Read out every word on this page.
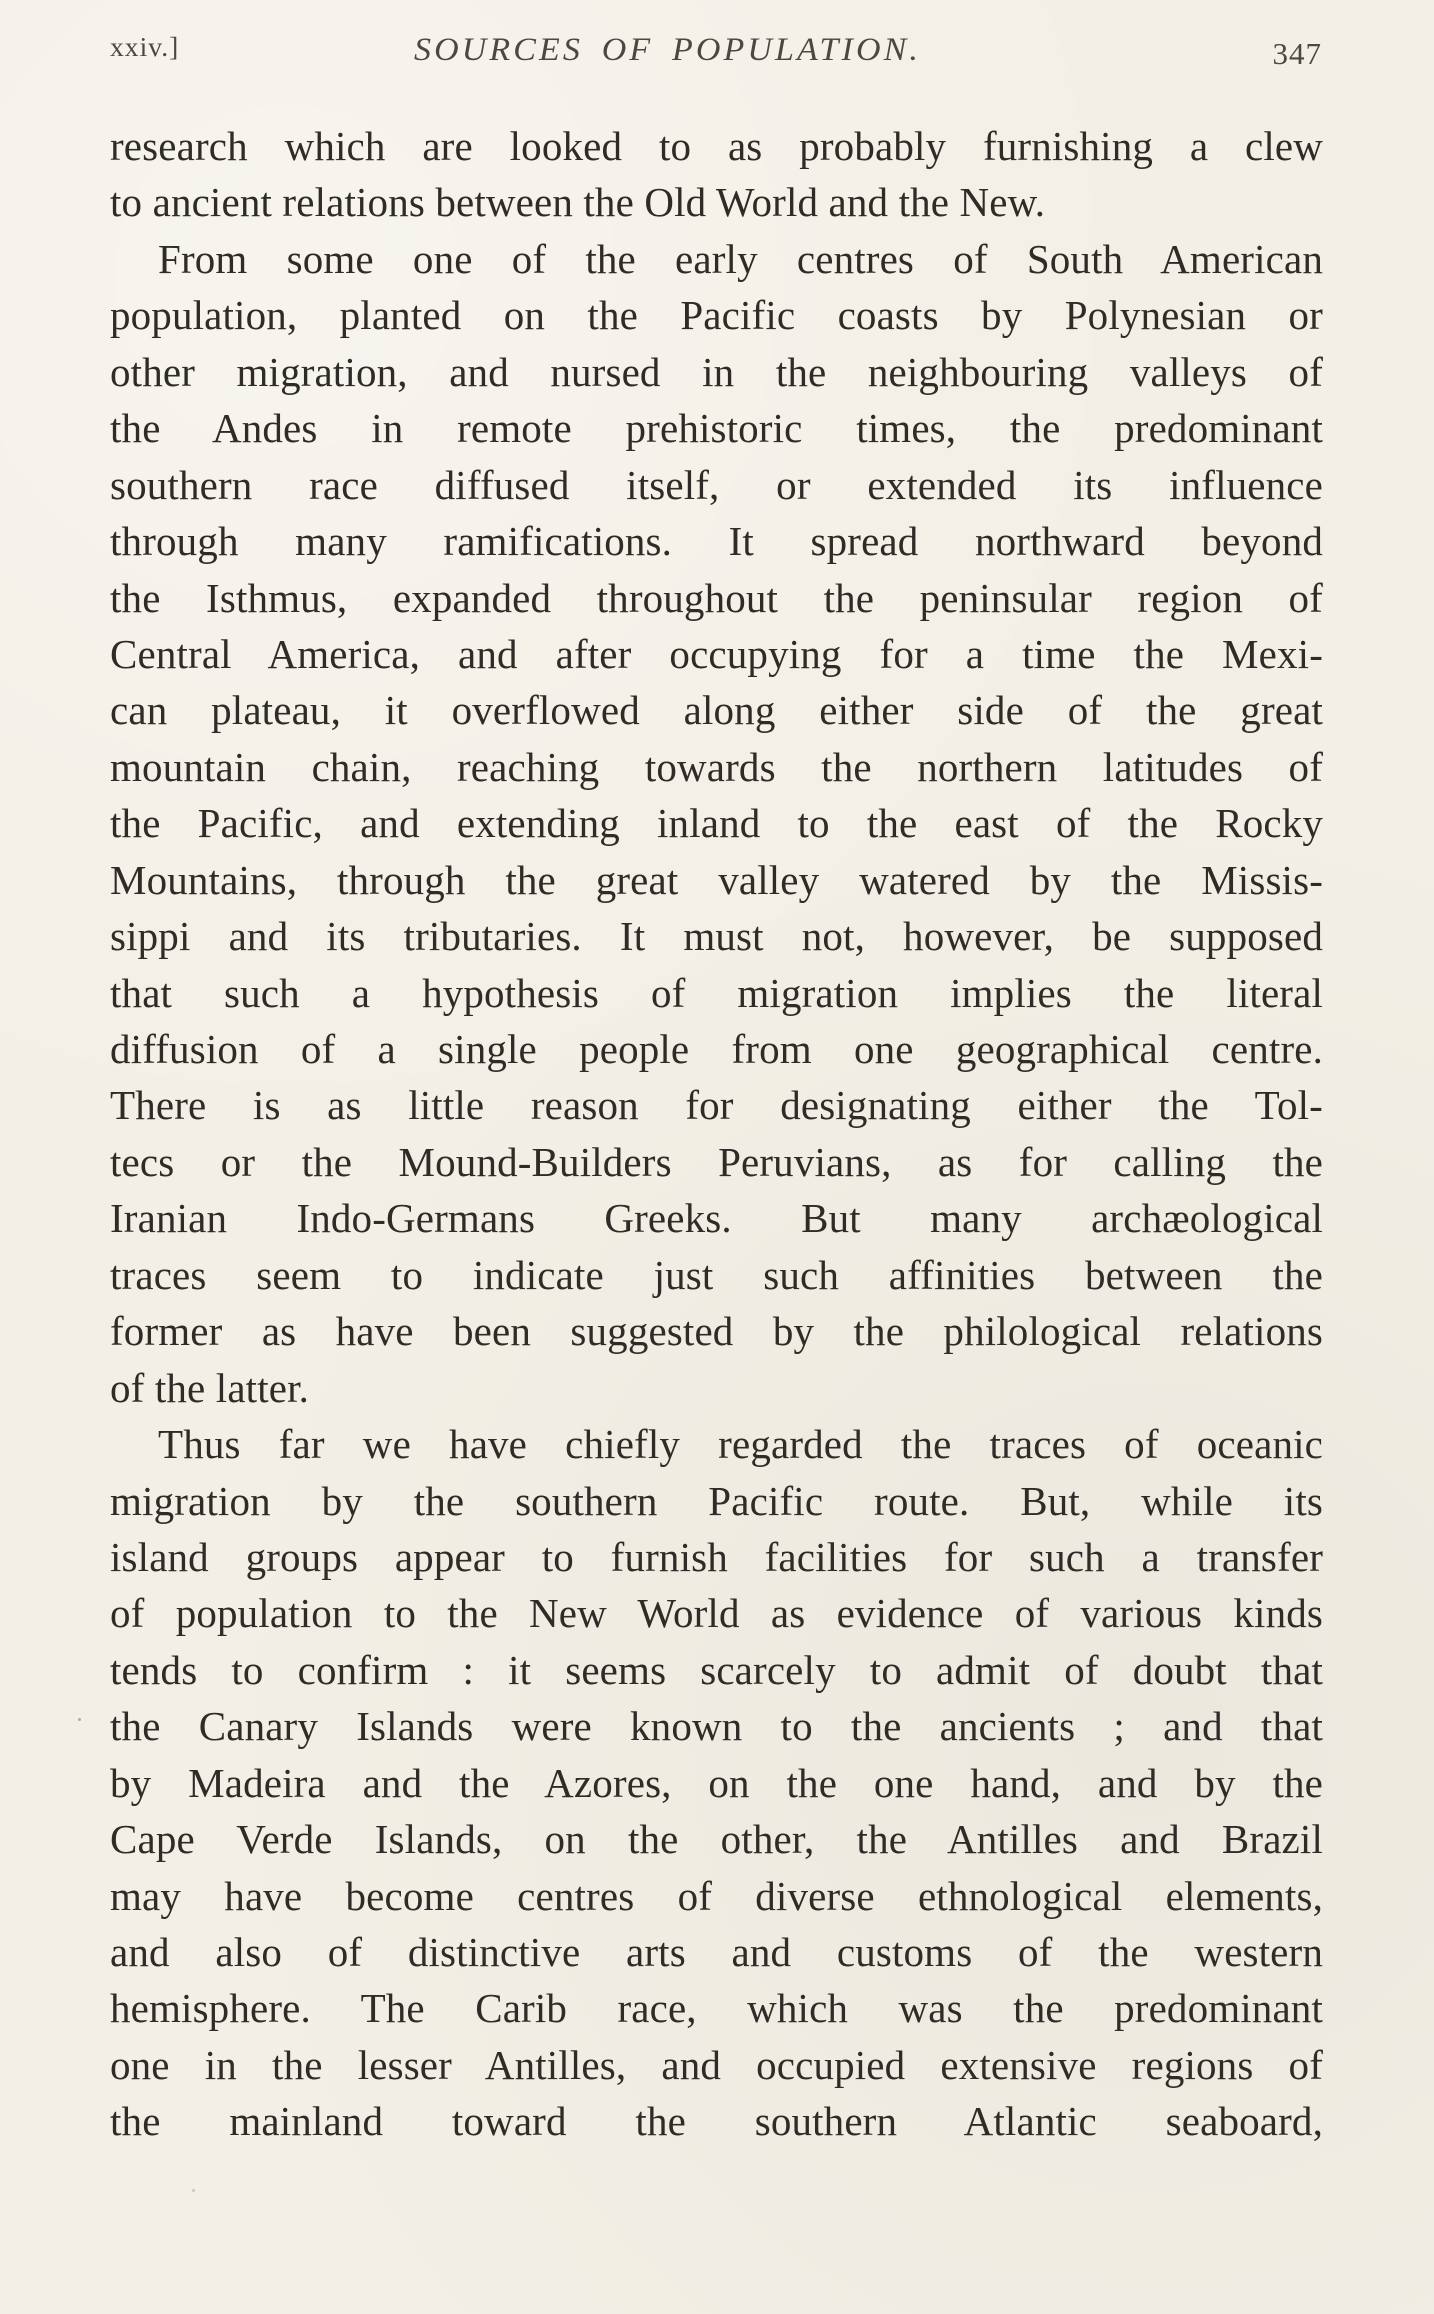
xxiv.]	SOURCES OF POPULATION.	347
research which are looked to as probably furnishing a clew
to ancient relations between the Old World and the New.
From some one of the early centres of South American
population, planted on the Pacific coasts by Polynesian or
other migration, and nursed in the neighbouring valleys of
the Andes in remote prehistoric times, the predominant
southern race diffused itself, or extended its influence
through many ramifications. It spread northward beyond
the Isthmus, expanded throughout the peninsular region of
Central America, and after occupying for a time the Mexi-
can plateau, it overflowed along either side of the great
mountain chain, reaching towards the northern latitudes of
the Pacific, and extending inland to the east of the Rocky
Mountains, through the great valley watered by the Missis-
sippi and its tributaries. It must not, however, be supposed
that such a hypothesis of migration implies the literal
diffusion of a single people from one geographical centre.
There is as little reason for designating either the Tol-
tecs or the Mound-Builders Peruvians, as for calling the
Iranian Indo-Germans Greeks. But many archæological
traces seem to indicate just such affinities between the
former as have been suggested by the philological relations
of the latter.
Thus far we have chiefly regarded the traces of oceanic
migration by the southern Pacific route. But, while its
island groups appear to furnish facilities for such a transfer
of population to the New World as evidence of various kinds
tends to confirm : it seems scarcely to admit of doubt that
the Canary Islands were known to the ancients ; and that
by Madeira and the Azores, on the one hand, and by the
Cape Verde Islands, on the other, the Antilles and Brazil
may have become centres of diverse ethnological elements,
and also of distinctive arts and customs of the western
hemisphere. The Carib race, which was the predominant
one in the lesser Antilles, and occupied extensive regions of
the mainland toward the southern Atlantic seaboard,
